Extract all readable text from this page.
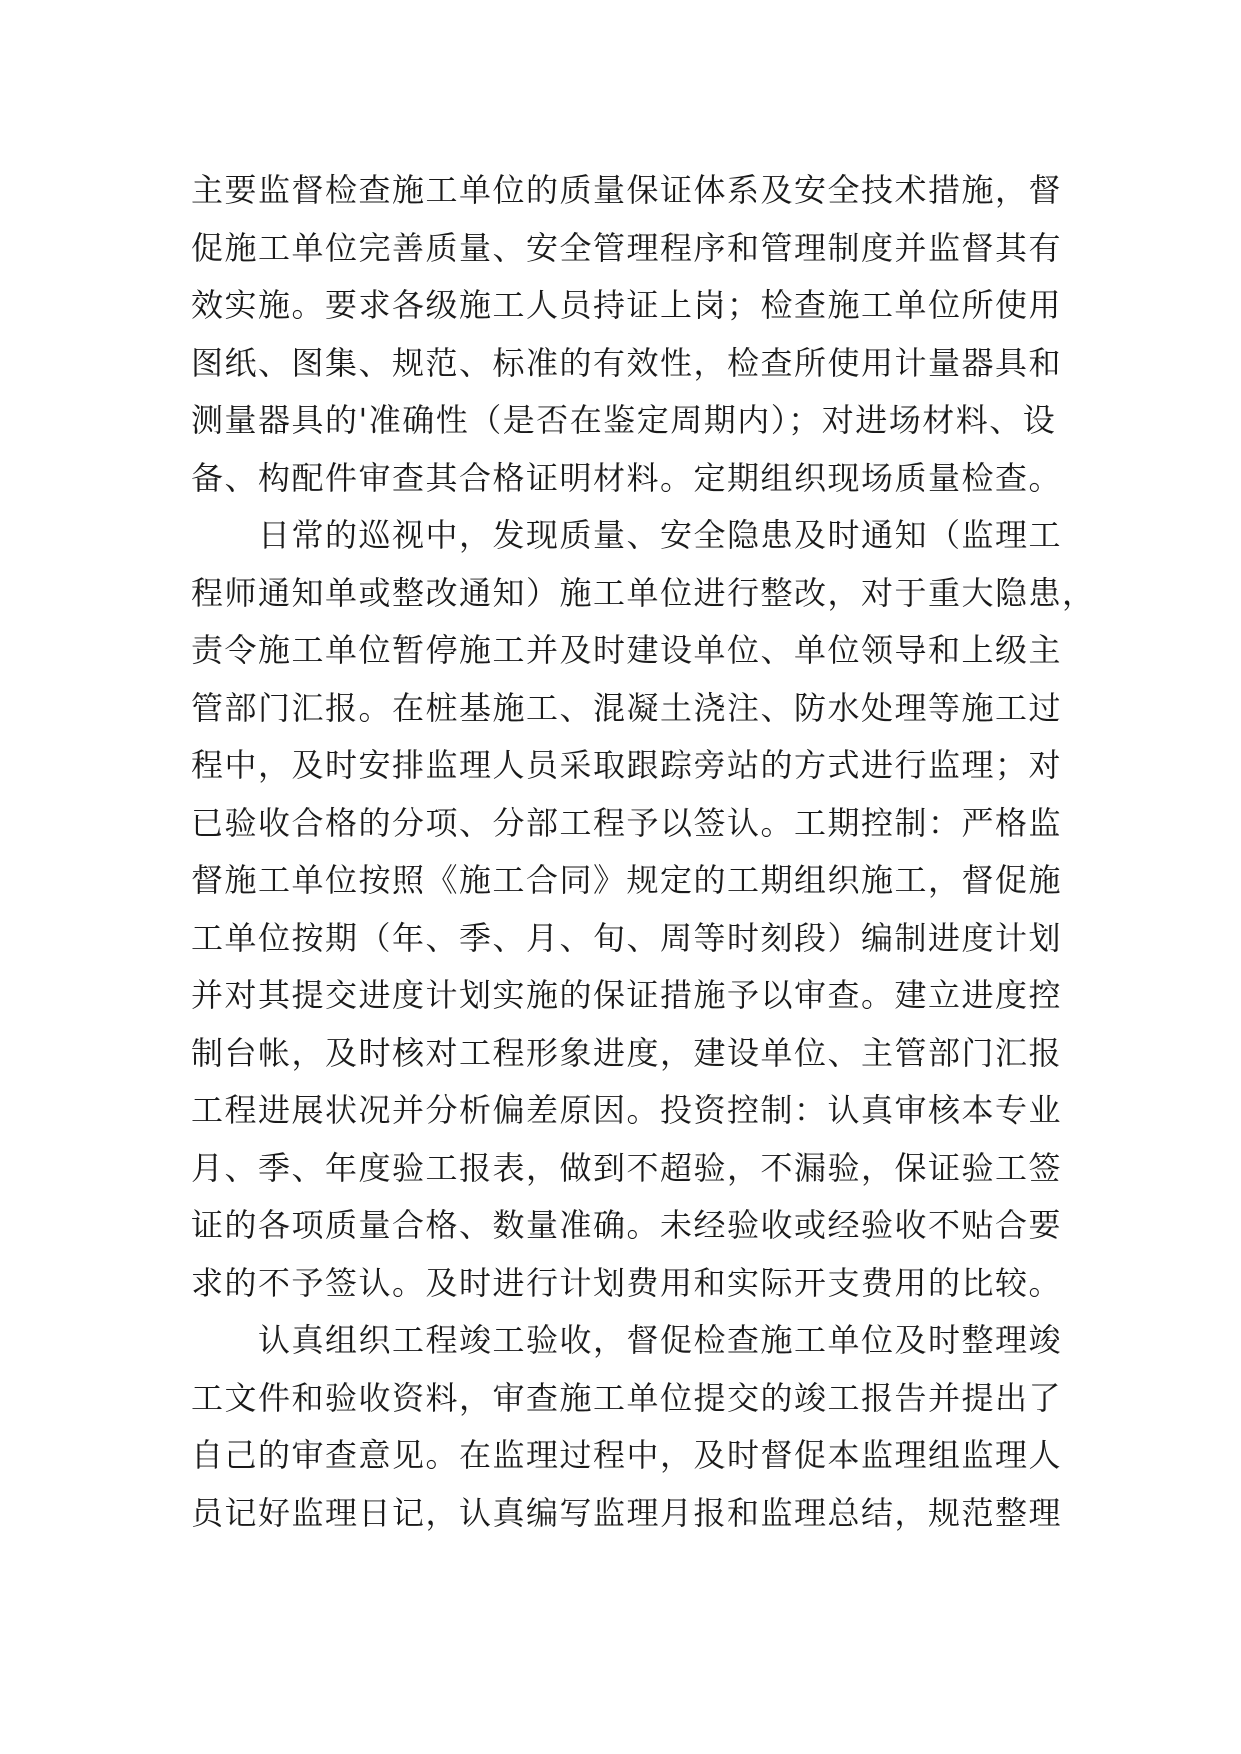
主要监督检查施工单位的质量保证体系及安全技术措施，督
促施工单位完善质量、安全管理程序和管理制度并监督其有
效实施。要求各级施工人员持证上岗；检查施工单位所使用
图纸、图集、规范、标准的有效性，检查所使用计量器具和
测量器具的'准确性（是否在鉴定周期内）；对进场材料、设
备、构配件审查其合格证明材料。定期组织现场质量检查。
　　日常的巡视中，发现质量、安全隐患及时通知（监理工
程师通知单或整改通知）施工单位进行整改，对于重大隐患，
责令施工单位暂停施工并及时建设单位、单位领导和上级主
管部门汇报。在桩基施工、混凝土浇注、防水处理等施工过
程中，及时安排监理人员采取跟踪旁站的方式进行监理；对
已验收合格的分项、分部工程予以签认。工期控制：严格监
督施工单位按照《施工合同》规定的工期组织施工，督促施
工单位按期（年、季、月、旬、周等时刻段）编制进度计划
并对其提交进度计划实施的保证措施予以审查。建立进度控
制台帐，及时核对工程形象进度，建设单位、主管部门汇报
工程进展状况并分析偏差原因。投资控制：认真审核本专业
月、季、年度验工报表，做到不超验，不漏验，保证验工签
证的各项质量合格、数量准确。未经验收或经验收不贴合要
求的不予签认。及时进行计划费用和实际开支费用的比较。
　　认真组织工程竣工验收，督促检查施工单位及时整理竣
工文件和验收资料，审查施工单位提交的竣工报告并提出了
自己的审查意见。在监理过程中，及时督促本监理组监理人
员记好监理日记，认真编写监理月报和监理总结，规范整理
